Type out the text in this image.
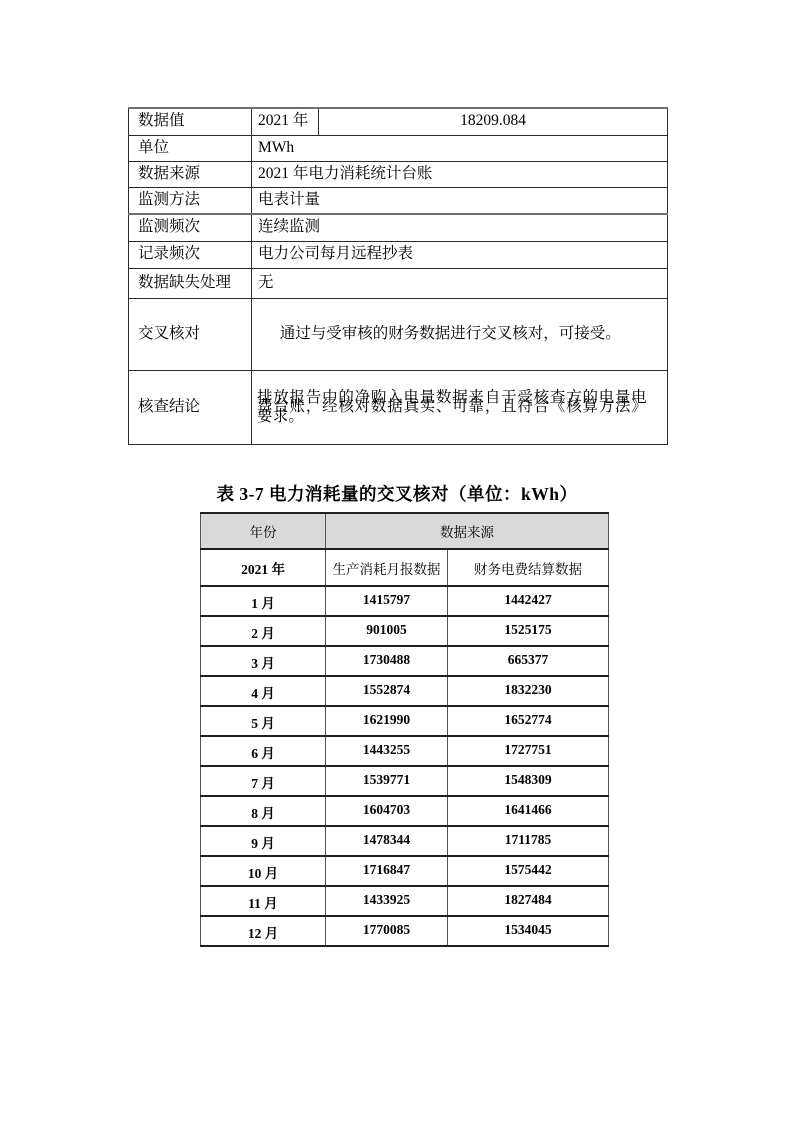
数据值	2021 年	18209.084
单位	MWh	
数据来源	2021 年电力消耗统计台账	
监测方法	电表计量	
监测频次	连续监测	
记录频次	电力公司每月远程抄表	
数据缺失处理	无	
交叉核对	通过与受审核的财务数据进行交叉核对，可接受。	
核查结论	排放报告中的净购入电量数据来自于受核查方的电量电费台账，经核对数据真实、可靠，且符合《核算方法》要求。	
表 3-7 电力消耗量的交叉核对（单位：kWh）
年份	数据来源	
2021 年	生产消耗月报数据	财务电费结算数据
1 月	1415797	1442427
2 月	901005	1525175
3 月	1730488	665377
4 月	1552874	1832230
5 月	1621990	1652774
6 月	1443255	1727751
7 月	1539771	1548309
8 月	1604703	1641466
9 月	1478344	1711785
10 月	1716847	1575442
11 月	1433925	1827484
12 月	1770085	1534045
